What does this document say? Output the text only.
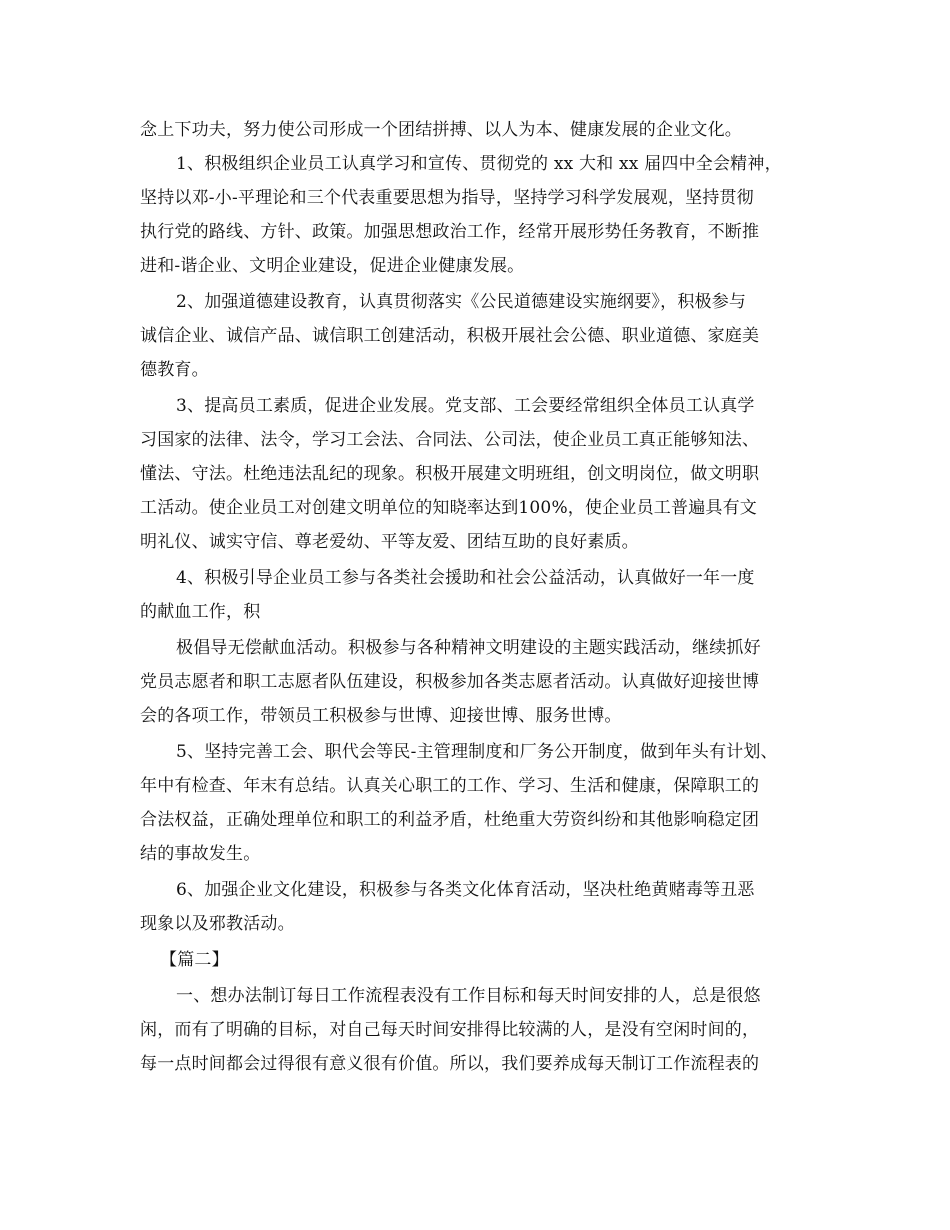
念上下功夫，努力使公司形成一个团结拼搏、以人为本、健康发展的企业文化。
1、积极组织企业员工认真学习和宣传、贯彻党的 xx 大和 xx 届四中全会精神，
坚持以邓-小-平理论和三个代表重要思想为指导，坚持学习科学发展观，坚持贯彻
执行党的路线、方针、政策。加强思想政治工作，经常开展形势任务教育，不断推
进和-谐企业、文明企业建设，促进企业健康发展。
2、加强道德建设教育，认真贯彻落实《公民道德建设实施纲要》，积极参与
诚信企业、诚信产品、诚信职工创建活动，积极开展社会公德、职业道德、家庭美
德教育。
3、提高员工素质，促进企业发展。党支部、工会要经常组织全体员工认真学
习国家的法律、法令，学习工会法、合同法、公司法，使企业员工真正能够知法、
懂法、守法。杜绝违法乱纪的现象。积极开展建文明班组，创文明岗位，做文明职
工活动。使企业员工对创建文明单位的知晓率达到100%，使企业员工普遍具有文
明礼仪、诚实守信、尊老爱幼、平等友爱、团结互助的良好素质。
4、积极引导企业员工参与各类社会援助和社会公益活动，认真做好一年一度
的献血工作，积
极倡导无偿献血活动。积极参与各种精神文明建设的主题实践活动，继续抓好
党员志愿者和职工志愿者队伍建设，积极参加各类志愿者活动。认真做好迎接世博
会的各项工作，带领员工积极参与世博、迎接世博、服务世博。
5、坚持完善工会、职代会等民-主管理制度和厂务公开制度，做到年头有计划、
年中有检查、年末有总结。认真关心职工的工作、学习、生活和健康，保障职工的
合法权益，正确处理单位和职工的利益矛盾，杜绝重大劳资纠纷和其他影响稳定团
结的事故发生。
6、加强企业文化建设，积极参与各类文化体育活动，坚决杜绝黄赌毒等丑恶
现象以及邪教活动。
【篇二】
一、想办法制订每日工作流程表没有工作目标和每天时间安排的人，总是很悠
闲，而有了明确的目标，对自己每天时间安排得比较满的人，是没有空闲时间的，
每一点时间都会过得很有意义很有价值。所以，我们要养成每天制订工作流程表的
